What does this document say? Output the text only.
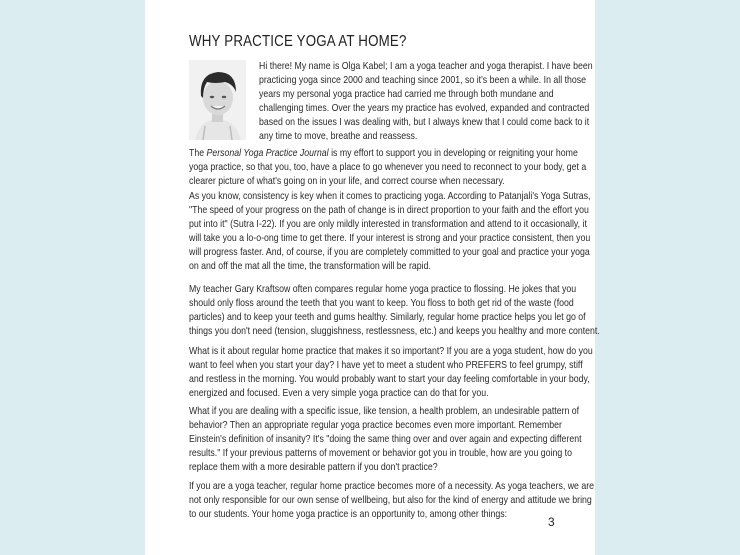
WHY PRACTICE YOGA AT HOME?

Hi there! My name is Olga Kabel; I am a yoga teacher and yoga therapist. I have been
practicing yoga since 2000 and teaching since 2001, so it's been a while. In all those
years my personal yoga practice had carried me through both mundane and
challenging times. Over the years my practice has evolved, expanded and contracted
based on the issues I was dealing with, but I always knew that I could come back to it
any time to move, breathe and reassess.

The Personal Yoga Practice Journal is my effort to support you in developing or reigniting your home
yoga practice, so that you, too, have a place to go whenever you need to reconnect to your body, get a
clearer picture of what's going on in your life, and correct course when necessary.

As you know, consistency is key when it comes to practicing yoga. According to Patanjali's Yoga Sutras,
"The speed of your progress on the path of change is in direct proportion to your faith and the effort you
put into it" (Sutra I-22). If you are only mildly interested in transformation and attend to it occasionally, it
will take you a lo-o-ong time to get there. If your interest is strong and your practice consistent, then you
will progress faster. And, of course, if you are completely committed to your goal and practice your yoga
on and off the mat all the time, the transformation will be rapid.

My teacher Gary Kraftsow often compares regular home yoga practice to flossing. He jokes that you
should only floss around the teeth that you want to keep. You floss to both get rid of the waste (food
particles) and to keep your teeth and gums healthy. Similarly, regular home practice helps you let go of
things you don't need (tension, sluggishness, restlessness, etc.) and keeps you healthy and more content.

What is it about regular home practice that makes it so important? If you are a yoga student, how do you
want to feel when you start your day? I have yet to meet a student who PREFERS to feel grumpy, stiff
and restless in the morning. You would probably want to start your day feeling comfortable in your body,
energized and focused. Even a very simple yoga practice can do that for you.

What if you are dealing with a specific issue, like tension, a health problem, an undesirable pattern of
behavior? Then an appropriate regular yoga practice becomes even more important. Remember
Einstein's definition of insanity? It's "doing the same thing over and over again and expecting different
results." If your previous patterns of movement or behavior got you in trouble, how are you going to
replace them with a more desirable pattern if you don't practice?

If you are a yoga teacher, regular home practice becomes more of a necessity. As yoga teachers, we are
not only responsible for our own sense of wellbeing, but also for the kind of energy and attitude we bring
to our students. Your home yoga practice is an opportunity to, among other things:

3
